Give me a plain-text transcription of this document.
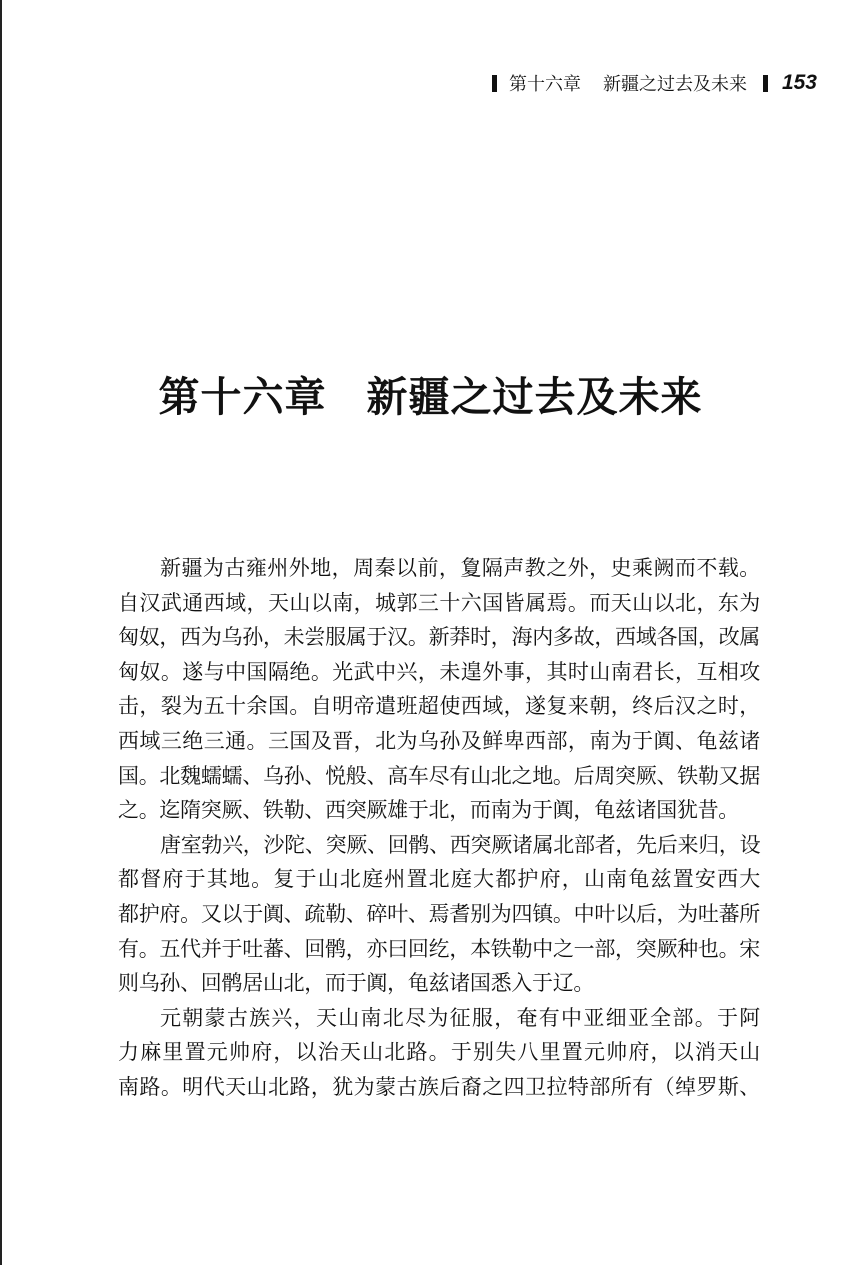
第十六章 新疆之过去及未来 153
第十六章 新疆之过去及未来

新疆为古雍州外地，周秦以前，夐隔声教之外，史乘阙而不载。

自汉武通西域，天山以南，城郭三十六国皆属焉。而天山以北，东为

匈奴，西为乌孙，未尝服属于汉。新莽时，海内多故，西域各国，改属

匈奴。遂与中国隔绝。光武中兴，未遑外事，其时山南君长，互相攻

击，裂为五十余国。自明帝遣班超使西域，遂复来朝，终后汉之时，

西域三绝三通。三国及晋，北为乌孙及鲜卑西部，南为于阗、龟兹诸

国。北魏蠕蠕、乌孙、悦般、高车尽有山北之地。后周突厥、铁勒又据

之。迄隋突厥、铁勒、西突厥雄于北，而南为于阗，龟兹诸国犹昔。

唐室勃兴，沙陀、突厥、回鹘、西突厥诸属北部者，先后来归，设

都督府于其地。复于山北庭州置北庭大都护府，山南龟兹置安西大

都护府。又以于阗、疏勒、碎叶、焉耆别为四镇。中叶以后，为吐蕃所

有。五代并于吐蕃、回鹘，亦曰回纥，本铁勒中之一部，突厥种也。宋

则乌孙、回鹘居山北，而于阗，龟兹诸国悉入于辽。

元朝蒙古族兴，天山南北尽为征服，奄有中亚细亚全部。于阿

力麻里置元帅府，以治天山北路。于别失八里置元帅府，以消天山

南路。明代天山北路，犹为蒙古族后裔之四卫拉特部所有（绰罗斯、
